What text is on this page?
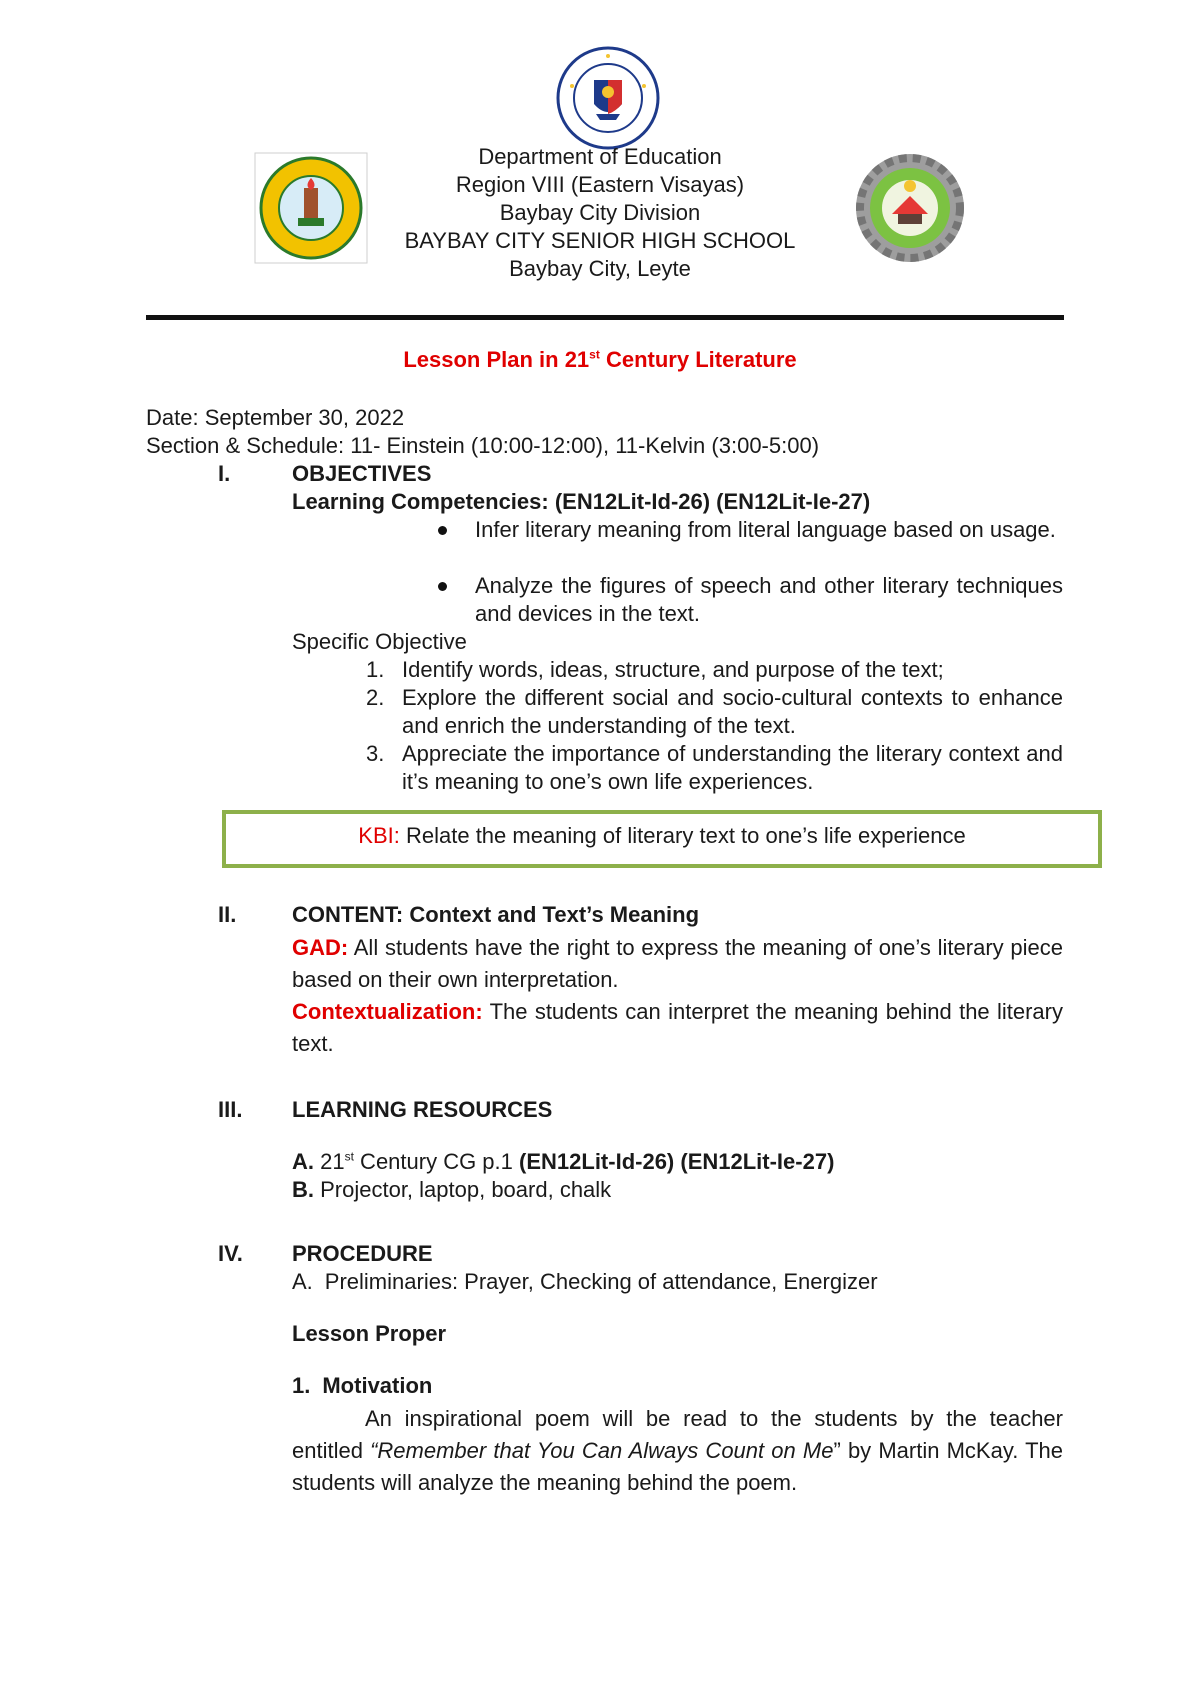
Department of Education
Region VIII (Eastern Visayas)
Baybay City Division
BAYBAY CITY SENIOR HIGH SCHOOL
Baybay City, Leyte
Lesson Plan in 21st Century Literature
Date: September 30, 2022
Section & Schedule: 11- Einstein (10:00-12:00), 11-Kelvin (3:00-5:00)
I.	OBJECTIVES
Learning Competencies: (EN12Lit-Id-26) (EN12Lit-Ie-27)
Infer literary meaning from literal language based on usage.
Analyze the figures of speech and other literary techniques and devices in the text.
Specific Objective
1. Identify words, ideas, structure, and purpose of the text;
2. Explore the different social and socio-cultural contexts to enhance and enrich the understanding of the text.
3. Appreciate the importance of understanding the literary context and it’s meaning to one’s own life experiences.
KBI: Relate the meaning of literary text to one’s life experience
II.	CONTENT: Context and Text’s Meaning
GAD: All students have the right to express the meaning of one’s literary piece based on their own interpretation.
Contextualization: The students can interpret the meaning behind the literary text.
III. LEARNING RESOURCES
A. 21st Century CG p.1 (EN12Lit-Id-26) (EN12Lit-Ie-27)
B. Projector, laptop, board, chalk
IV. PROCEDURE
A. Preliminaries: Prayer, Checking of attendance, Energizer
Lesson Proper
1. Motivation
An inspirational poem will be read to the students by the teacher entitled “Remember that You Can Always Count on Me” by Martin McKay. The students will analyze the meaning behind the poem.
